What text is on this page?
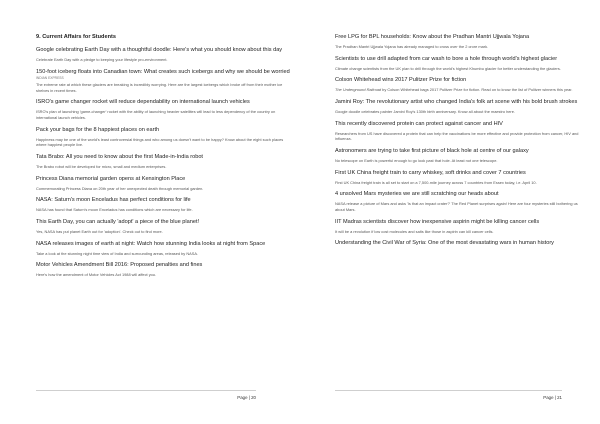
9. Current Affairs for Students
Google celebrating Earth Day with a thoughtful doodle: Here's what you should know about this day
Celebrate Earth Day with a pledge to keeping your lifestyle pro-environment.
150-foot iceberg floats into Canadian town: What creates such icebergs and why we should be worried
INDIAN EXPRESS
The extreme rate at which these glaciers are breaking is incredibly worrying. Here are the largest icebergs which broke off from their mother ice shelves in recent times.
ISRO's game changer rocket will reduce dependability on international launch vehicles
ISRO's plan of launching 'game-changer' rocket with the ability of launching heavier satellites will lead to less dependency of the country on international launch vehicles.
Pack your bags for the 8 happiest places on earth
Happiness may be one of the world's least controversial things and who among us doesn't want to be happy? Know about the eight such places where happiest people live.
Tata Brabo: All you need to know about the first Made-in-India robot
The Brabo robot will be developed for micro, small and medium enterprises.
Princess Diana memorial garden opens at Kensington Place
Commemorating Princess Diana on 20th year of her unexpected death through memorial garden.
NASA: Saturn's moon Enceladus has perfect conditions for life
NASA has found that Saturn's moon Enceladus has conditions which are necessary for life.
This Earth Day, you can actually 'adopt' a piece of the blue planet!
Yes, NASA has put planet Earth out for 'adoption'. Check out to find more.
NASA releases images of earth at night: Watch how stunning India looks at night from Space
Take a look at the stunning night time view of India and surrounding areas, released by NASA.
Motor Vehicles Amendment Bill 2016: Proposed penalties and fines
Here's how the amendment of Motor Vehicles Act 1988 will affect you.
Page | 20
Free LPG for BPL households: Know about the Pradhan Mantri Ujjwala Yojana
The Pradhan Mantri Ujjwala Yojana has already managed to cross over the 2 crore mark.
Scientists to use drill adapted from car wash to bore a hole through world's highest glacier
Climate change scientists from the UK plan to drill through the world's highest Khumbu glacier for better understanding the glaciers.
Colson Whitehead wins 2017 Pulitzer Prize for fiction
The Underground Railroad by Colson Whitehead bags 2017 Pulitzer Prize for fiction. Read on to know the list of Pulitzer winners this year.
Jamini Roy: The revolutionary artist who changed India's folk art scene with his bold brush strokes
Google doodle celebrates painter Jamini Roy's 130th birth anniversary. Know all about the maestro here.
This recently discovered protein can protect against cancer and HIV
Researchers from US have discovered a protein that can help the vaccinations be more effective and provide protection from cancer, HIV and influenza.
Astronomers are trying to take first picture of black hole at centre of our galaxy
No telescope on Earth is powerful enough to go look past that hole. At least not one telescope.
First UK China freight train to carry whiskey, soft drinks and cover 7 countries
First UK China freight train is all set to start on a 7,500-mile journey across 7 countries from Essex today, i.e. April 10.
4 unsolved Mars mysteries we are still scratching our heads about
NASA release a picture of Mars and asks 'Is that an impact crater?' The Red Planet surprises again! Here are four mysteries still bothering us about Mars.
IIT Madras scientists discover how inexpensive aspirin might be killing cancer cells
It will be a revolution if low cost molecules and salts like those in aspirin can kill cancer cells.
Understanding the Civil War of Syria: One of the most devastating wars in human history
Page | 21
